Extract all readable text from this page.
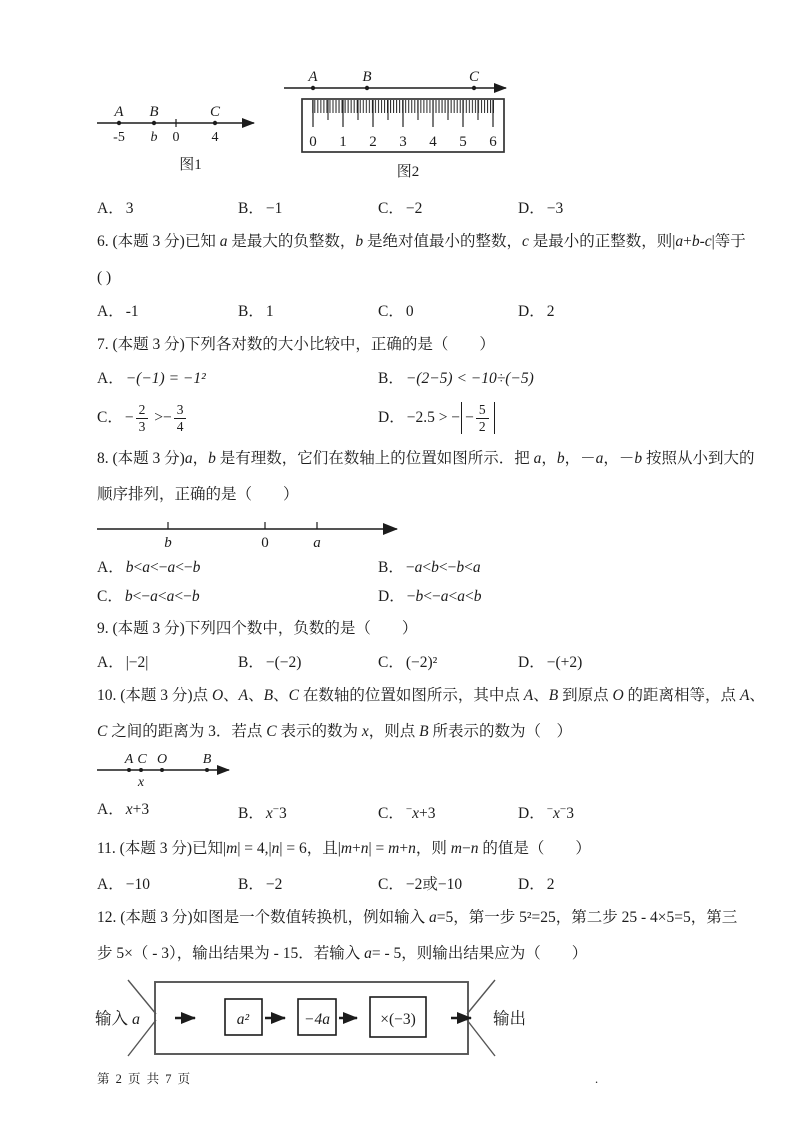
A B	C
-5 b 0 4
图1
A	B	C
0 1 2 3 4 5 6
图2
A． 3	B． −1	C． −2	D． −3
6. (本题 3 分)已知 a 是最大的负整数，b 是绝对值最小的整数，c 是最小的正整数，则|a+b-c|等于
( )
A． -1	B． 1	C． 0	D． 2
7. (本题 3 分)下列各对数的大小比较中，正确的是（　　）
A． −(−1) = −1²	B． −(2−5) < −10÷(−5)
C． − $\frac{2}{3} >- \frac{3}{4}$	D． −2.5 > − − $\frac{5}{2}$
8. (本题 3 分)a，b 是有理数，它们在数轴上的位置如图所示．把 a，b，－a，－b 按照从小到大的
顺序排列，正确的是（　　）
b	0	a
A． b<a<−a<−b	B． −a<b<−b<a
C． b<−a<a<−b	D． −b<−a<a<b
9. (本题 3 分)下列四个数中，负数的是（　　）
A． |−2|	B． −(−2)	C． (−2)²	D． −(+2)
10. (本题 3 分)点 O、A、B、C 在数轴的位置如图所示，其中点 A、B 到原点 O 的距离相等，点 A、
C 之间的距离为 3．若点 C 表示的数为 x，则点 B 所表示的数为（　）
A C O	B
x
A． x+3	B． x−3	C． −x+3	D． −x−3
11. (本题 3 分)已知|m| = 4,|n| = 6，且|m+n| = m+n，则 m−n 的值是（　　）
A． −10	B． −2	C． −2或−10	D． 2
12. (本题 3 分)如图是一个数值转换机，例如输入 a=5，第一步 5²=25，第二步 25 - 4×5=5，第三
步 5×（ - 3），输出结果为 - 15．若输入 a= - 5，则输出结果应为（　　）
输入 a	a²	−4a	×(−3)	输出
第 2 页 共 7 页	.
